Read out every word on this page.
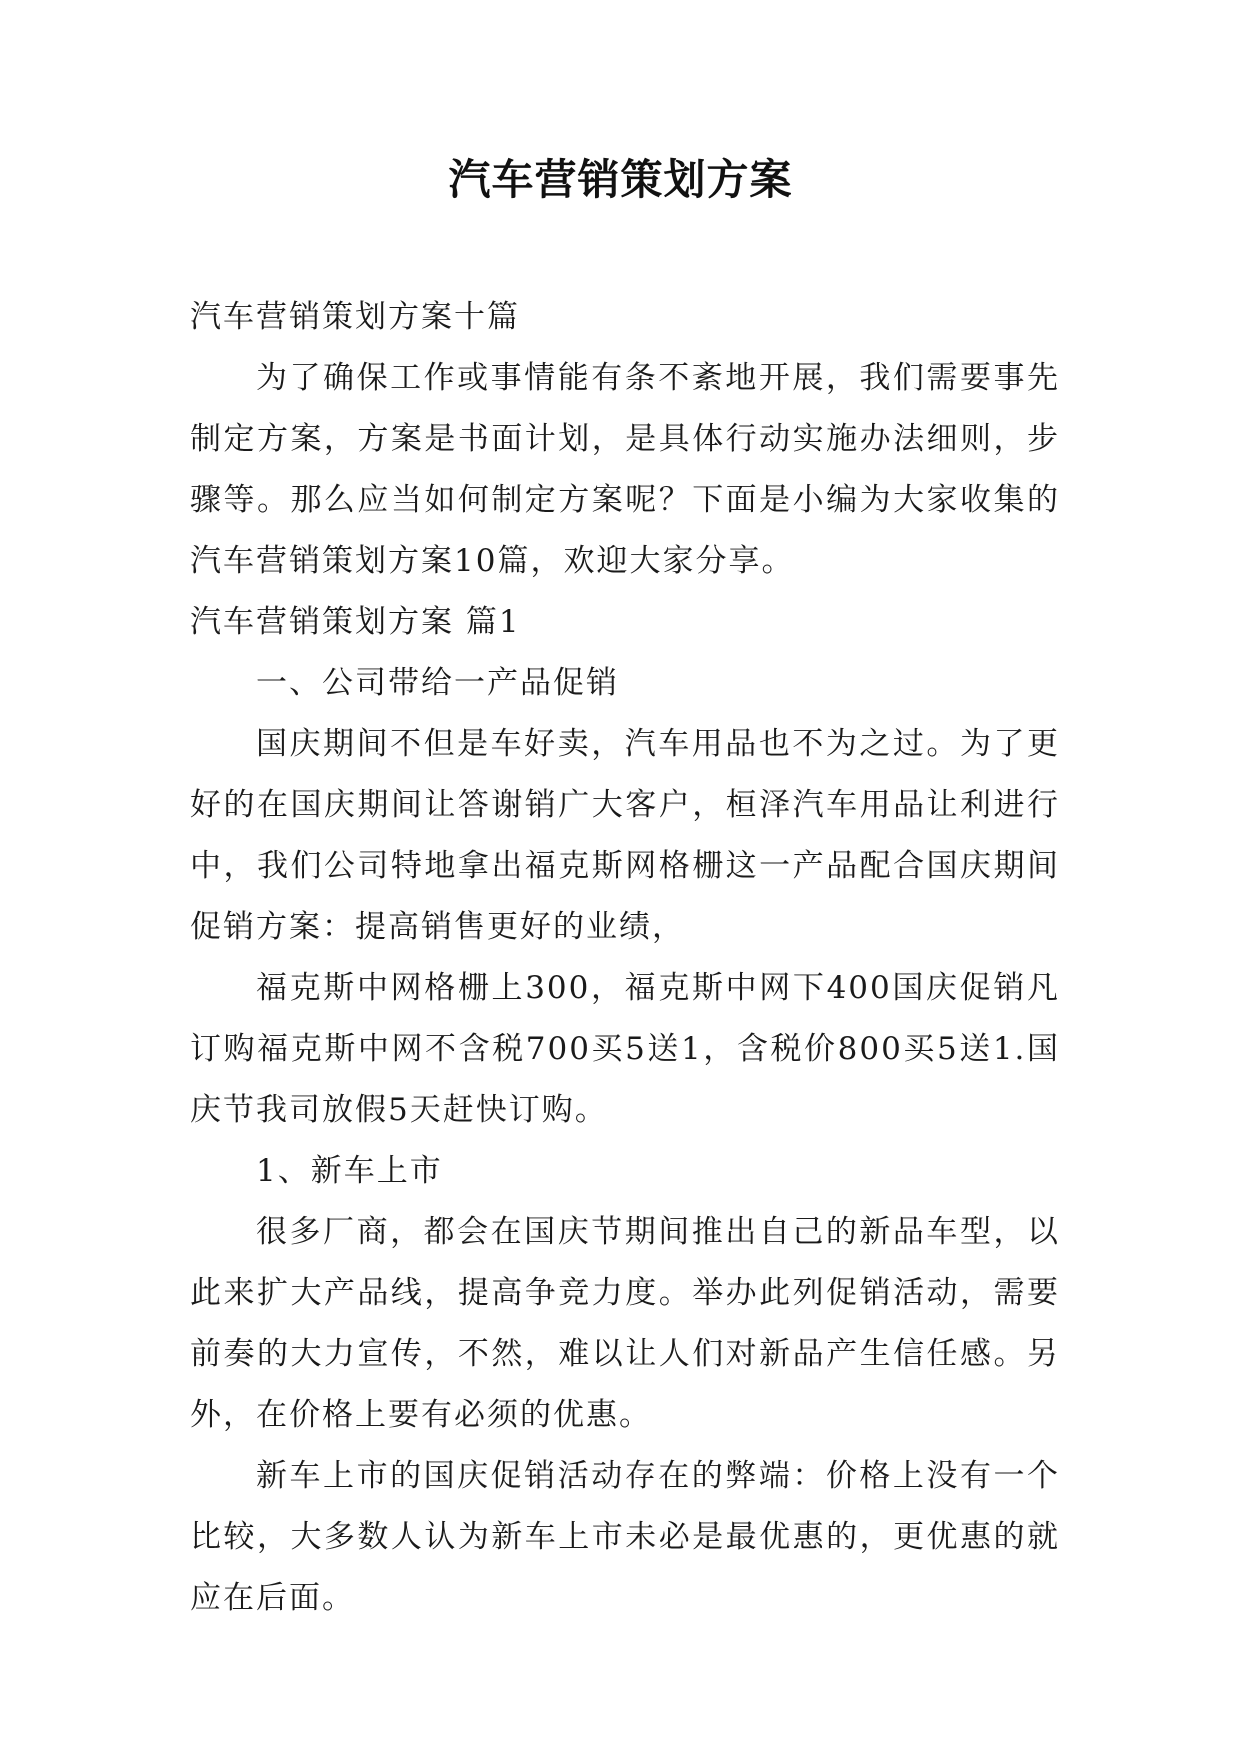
汽车营销策划方案

汽车营销策划方案十篇

为了确保工作或事情能有条不紊地开展，我们需要事先制定方案，方案是书面计划，是具体行动实施办法细则，步骤等。那么应当如何制定方案呢？下面是小编为大家收集的汽车营销策划方案10篇，欢迎大家分享。

汽车营销策划方案 篇1

一、公司带给一产品促销

国庆期间不但是车好卖，汽车用品也不为之过。为了更好的在国庆期间让答谢销广大客户，桓泽汽车用品让利进行中，我们公司特地拿出福克斯网格栅这一产品配合国庆期间促销方案：提高销售更好的业绩，

福克斯中网格栅上300，福克斯中网下400国庆促销凡订购福克斯中网不含税700买5送1，含税价800买5送1.国庆节我司放假5天赶快订购。

1、新车上市

很多厂商，都会在国庆节期间推出自己的新品车型，以此来扩大产品线，提高争竞力度。举办此列促销活动，需要前奏的大力宣传，不然，难以让人们对新品产生信任感。另外，在价格上要有必须的优惠。

新车上市的国庆促销活动存在的弊端：价格上没有一个比较，大多数人认为新车上市未必是最优惠的，更优惠的就应在后面。
